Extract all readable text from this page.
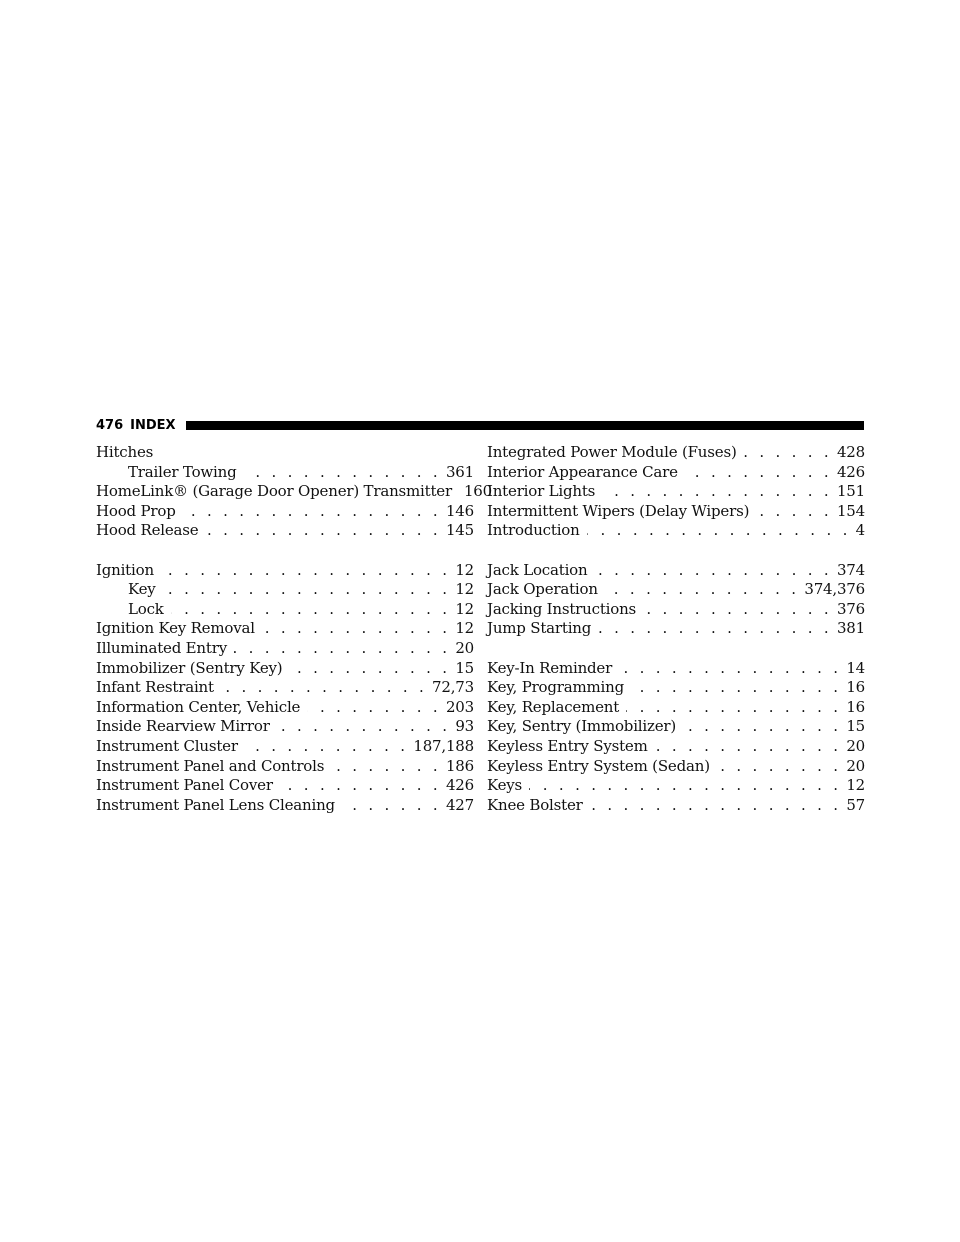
476 INDEX
Hitches
Trailer Towing . . .	361
HomeLink® (Garage Door Opener) Transmitter 160
Hood Prop . . .	146
Hood Release . . .	145
Ignition . . .	12
Key . . .	12
Lock . . .	12
Ignition Key Removal . . .	12
Illuminated Entry . . .	20
Immobilizer (Sentry Key) . . .	15
Infant Restraint . . .	72,73
Information Center, Vehicle . . .	203
Inside Rearview Mirror . . .	93
Instrument Cluster . . .	187,188
Instrument Panel and Controls . . .	186
Instrument Panel Cover . . .	426
Instrument Panel Lens Cleaning . . .	427
Integrated Power Module (Fuses) . . .	428
Interior Appearance Care . . .	426
Interior Lights . . .	151
Intermittent Wipers (Delay Wipers) . . .	154
Introduction . . .	4
Jack Location . . .	374
Jack Operation . . .	374,376
Jacking Instructions . . .	376
Jump Starting . . .	381
Key-In Reminder . . .	14
Key, Programming . . .	16
Key, Replacement . . .	16
Key, Sentry (Immobilizer) . . .	15
Keyless Entry System . . .	20
Keyless Entry System (Sedan) . . .	20
Keys . . .	12
Knee Bolster . . .	57
